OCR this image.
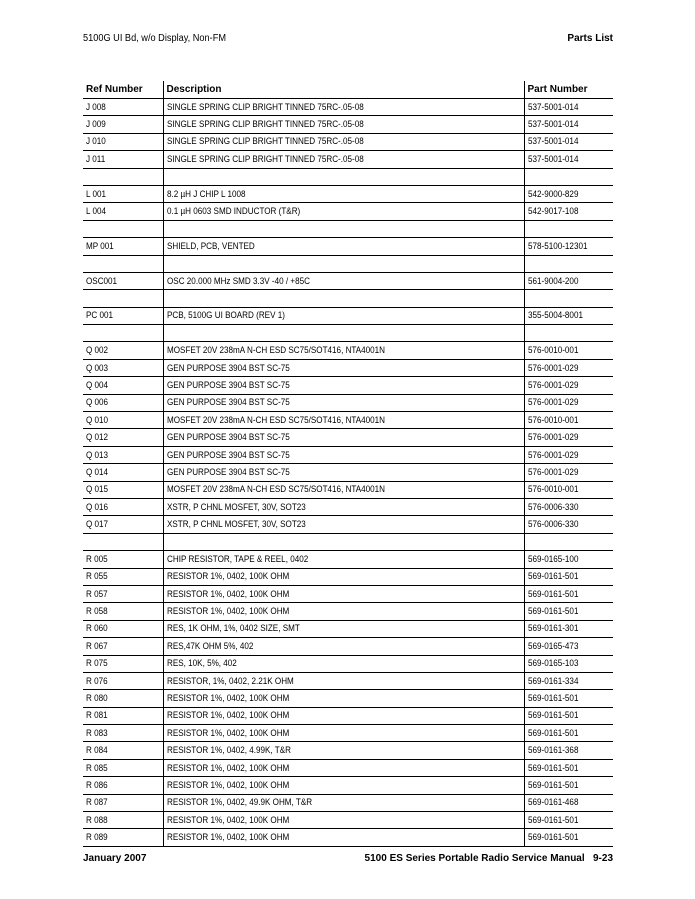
5100G UI Bd, w/o Display, Non-FM	Parts List
Ref Number	Description	Part Number
J 008	SINGLE SPRING CLIP BRIGHT TINNED 75RC-.05-08	537-5001-014
J 009	SINGLE SPRING CLIP BRIGHT TINNED 75RC-.05-08	537-5001-014
J 010	SINGLE SPRING CLIP BRIGHT TINNED 75RC-.05-08	537-5001-014
J 011	SINGLE SPRING CLIP BRIGHT TINNED 75RC-.05-08	537-5001-014

L 001	8.2 µH J CHIP L 1008	542-9000-829
L 004	0.1 µH 0603 SMD INDUCTOR (T&R)	542-9017-108

MP 001	SHIELD, PCB, VENTED	578-5100-12301

OSC001	OSC 20.000 MHz SMD 3.3V -40 / +85C	561-9004-200

PC 001	PCB, 5100G UI BOARD (REV 1)	355-5004-8001

Q 002	MOSFET 20V 238mA N-CH ESD SC75/SOT416, NTA4001N	576-0010-001
Q 003	GEN PURPOSE 3904 BST SC-75	576-0001-029
Q 004	GEN PURPOSE 3904 BST SC-75	576-0001-029
Q 006	GEN PURPOSE 3904 BST SC-75	576-0001-029
Q 010	MOSFET 20V 238mA N-CH ESD SC75/SOT416, NTA4001N	576-0010-001
Q 012	GEN PURPOSE 3904 BST SC-75	576-0001-029
Q 013	GEN PURPOSE 3904 BST SC-75	576-0001-029
Q 014	GEN PURPOSE 3904 BST SC-75	576-0001-029
Q 015	MOSFET 20V 238mA N-CH ESD SC75/SOT416, NTA4001N	576-0010-001
Q 016	XSTR, P CHNL MOSFET, 30V, SOT23	576-0006-330
Q 017	XSTR, P CHNL MOSFET, 30V, SOT23	576-0006-330

R 005	CHIP RESISTOR, TAPE & REEL, 0402	569-0165-100
R 055	RESISTOR 1%, 0402, 100K OHM	569-0161-501
R 057	RESISTOR 1%, 0402, 100K OHM	569-0161-501
R 058	RESISTOR 1%, 0402, 100K OHM	569-0161-501
R 060	RES, 1K OHM, 1%, 0402 SIZE, SMT	569-0161-301
R 067	RES,47K OHM 5%, 402	569-0165-473
R 075	RES, 10K, 5%, 402	569-0165-103
R 076	RESISTOR, 1%, 0402, 2.21K OHM	569-0161-334
R 080	RESISTOR 1%, 0402, 100K OHM	569-0161-501
R 081	RESISTOR 1%, 0402, 100K OHM	569-0161-501
R 083	RESISTOR 1%, 0402, 100K OHM	569-0161-501
R 084	RESISTOR 1%, 0402, 4.99K, T&R	569-0161-368
R 085	RESISTOR 1%, 0402, 100K OHM	569-0161-501
R 086	RESISTOR 1%, 0402, 100K OHM	569-0161-501
R 087	RESISTOR 1%, 0402, 49.9K OHM, T&R	569-0161-468
R 088	RESISTOR 1%, 0402, 100K OHM	569-0161-501
R 089	RESISTOR 1%, 0402, 100K OHM	569-0161-501
January 2007	5100 ES Series Portable Radio Service Manual   9-23
